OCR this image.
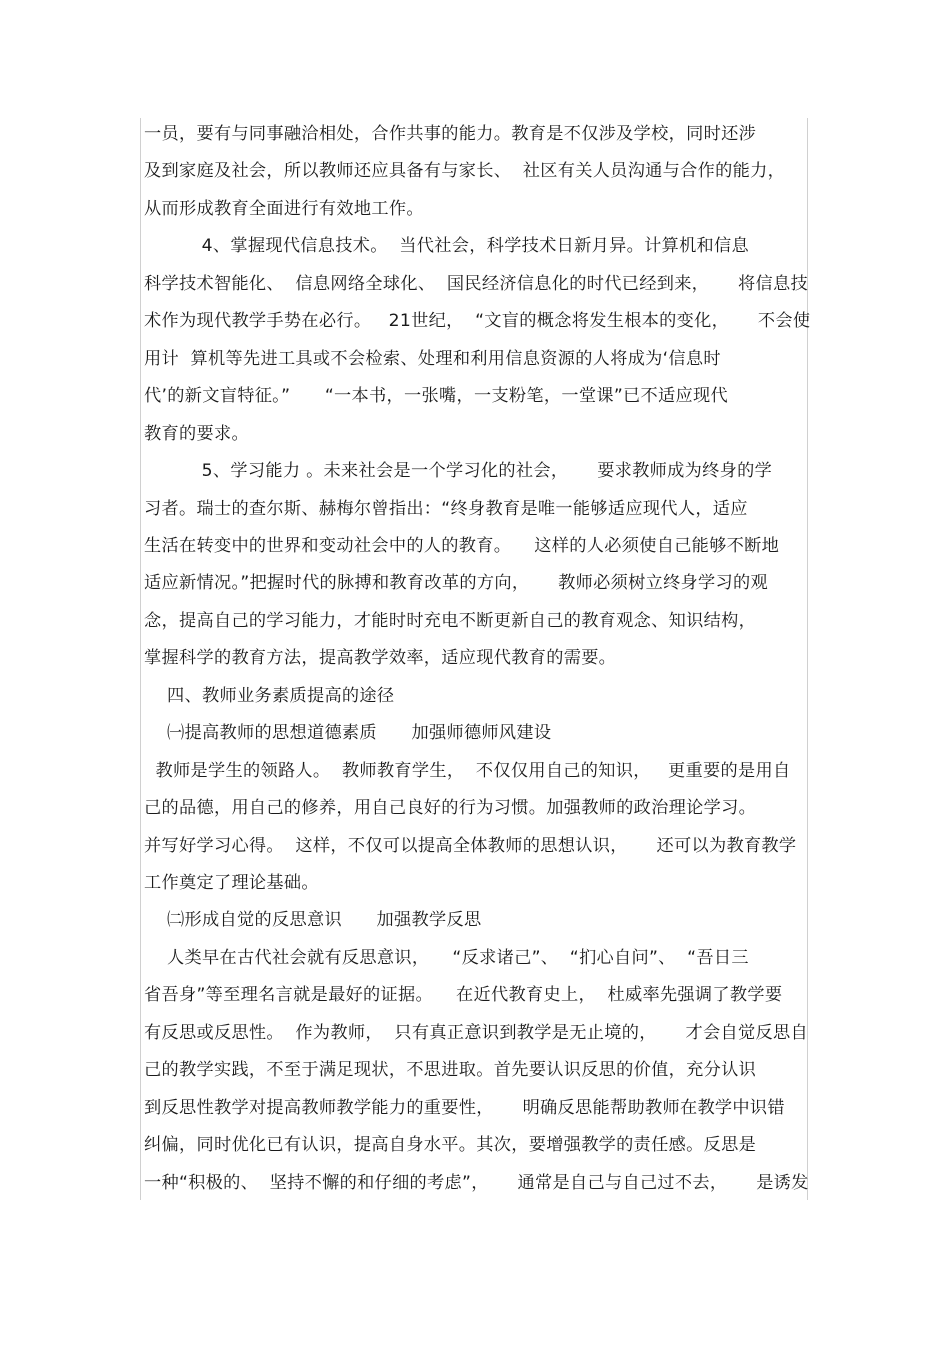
一员，要有与同事融洽相处，合作共事的能力。教育是不仅涉及学校，同时还涉
及到家庭及社会，所以教师还应具备有与家长、  社区有关人员沟通与合作的能力，
从而形成教育全面进行有效地工作。
4、掌握现代信息技术。  当代社会，科学技术日新月异。计算机和信息
科学技术智能化、  信息网络全球化、  国民经济信息化的时代已经到来，     将信息技
术作为现代教学手势在必行。   21世纪，  “文盲的概念将发生根本的变化，     不会使
用计  算机等先进工具或不会检索、处理和利用信息资源的人将成为‘信息时
代’的新文盲特征。”      “一本书，一张嘴，一支粉笔，一堂课”已不适应现代
教育的要求。
5、学习能力 。未来社会是一个学习化的社会，     要求教师成为终身的学
习者。瑞士的查尔斯、赫梅尔曾指出：“终身教育是唯一能够适应现代人，适应
生活在转变中的世界和变动社会中的人的教育。    这样的人必须使自己能够不断地
适应新情况。”把握时代的脉搏和教育改革的方向，     教师必须树立终身学习的观
念，提高自己的学习能力，才能时时充电不断更新自己的教育观念、知识结构，
掌握科学的教育方法，提高教学效率，适应现代教育的需要。
四、教师业务素质提高的途径
㈠提高教师的思想道德素质      加强师德师风建设
教师是学生的领路人。  教师教育学生，  不仅仅用自己的知识，   更重要的是用自
己的品德，用自己的修养，用自己良好的行为习惯。加强教师的政治理论学习。
并写好学习心得。  这样，不仅可以提高全体教师的思想认识，     还可以为教育教学
工作奠定了理论基础。
㈡形成自觉的反思意识      加强教学反思
人类早在古代社会就有反思意识，    “反求诸己”、  “扪心自问”、  “吾日三
省吾身”等至理名言就是最好的证据。    在近代教育史上，  杜威率先强调了教学要
有反思或反思性。  作为教师，  只有真正意识到教学是无止境的，     才会自觉反思自
己的教学实践，不至于满足现状，不思进取。首先要认识反思的价值，充分认识
到反思性教学对提高教师教学能力的重要性，     明确反思能帮助教师在教学中识错
纠偏，同时优化已有认识，提高自身水平。其次，要增强教学的责任感。反思是
一种“积极的、  坚持不懈的和仔细的考虑”，     通常是自己与自己过不去，     是诱发
